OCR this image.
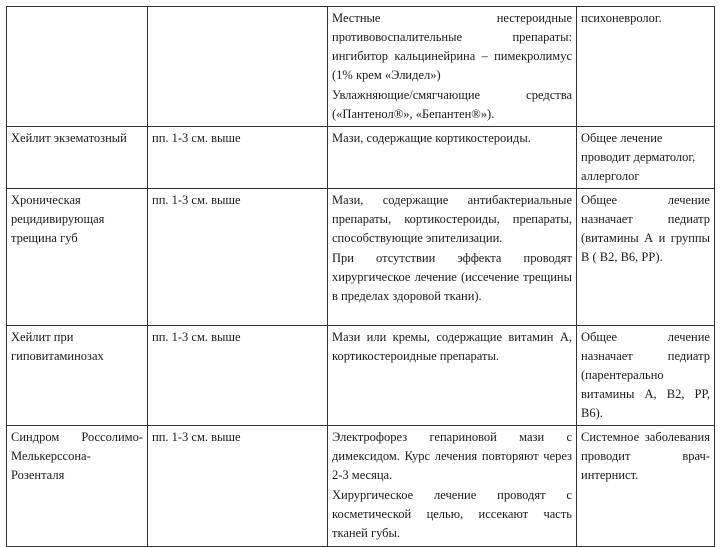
		Местные нестероидные противовоспалительные препараты: ингибитор кальцинейрина – пимекролимус (1% крем «Элидел»)
Увлажняющие/смягчающие средства («Пантенол®», «Бепантен®»).	психоневролог.
Хейлит экзематозный	пп. 1-3 см. выше	Мази, содержащие кортикостероиды.	Общее лечение проводит дерматолог, аллерголог
Хроническая рецидивирующая трещина губ	пп. 1-3 см. выше	Мази, содержащие антибактериальные препараты, кортикостероиды, препараты, способствующие эпителизации.
При отсутствии эффекта проводят хирургическое лечение (иссечение трещины в пределах здоровой ткани).	Общее лечение назначает педиатр (витамины А и группы В ( В2, В6, РР).
Хейлит при гиповитаминозах	пп. 1-3 см. выше	Мази или кремы, содержащие витамин А, кортикостероидные препараты.	Общее лечение назначает педиатр (парентерально витамины А, В2, РР, В6).
Синдром Россолимо-Мелькерссона-Розенталя	пп. 1-3 см. выше	Электрофорез гепариновой мази с димексидом. Курс лечения повторяют через 2-3 месяца.
Хирургическое лечение проводят с косметической целью, иссекают часть тканей губы.	Системное заболевания проводит врач-интернист.
